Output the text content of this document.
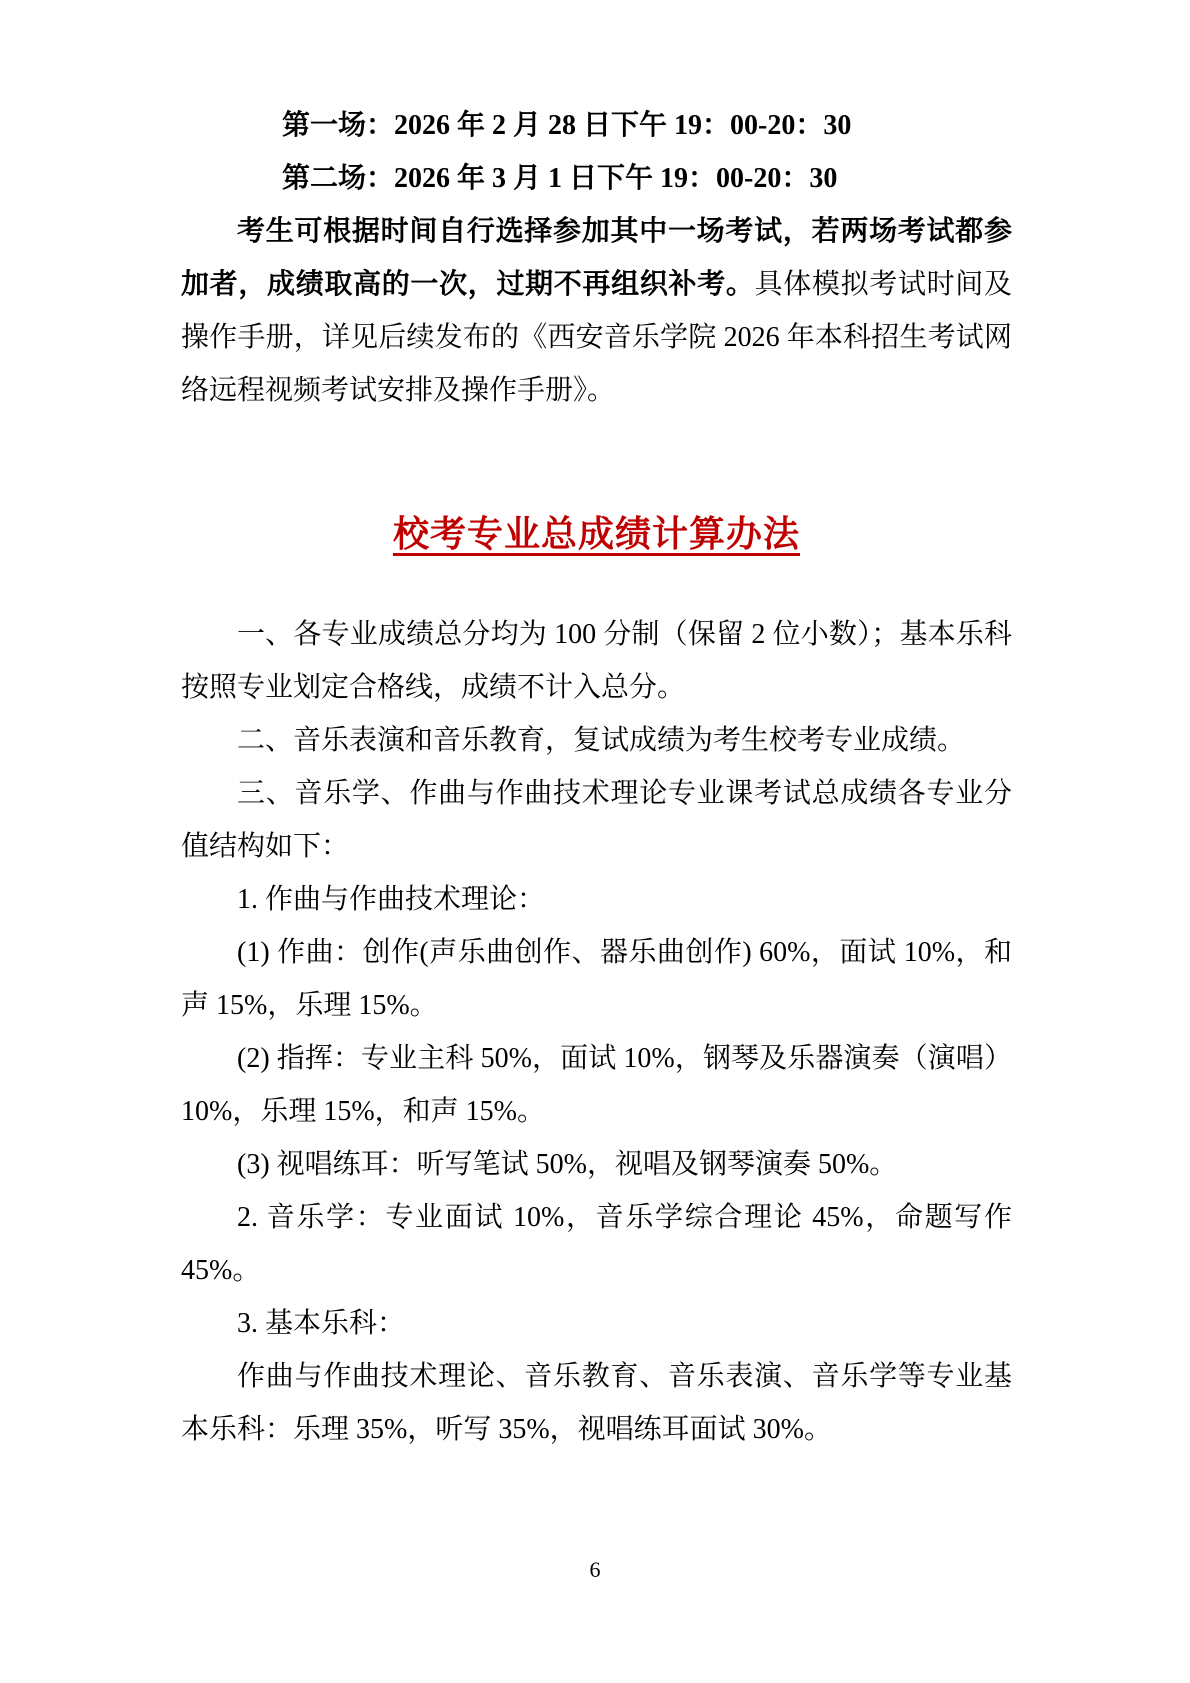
第一场：2026 年 2 月 28 日下午 19：00-20：30

第二场：2026 年 3 月 1 日下午 19：00-20：30

考生可根据时间自行选择参加其中一场考试，若两场考试都参加者，成绩取高的一次，过期不再组织补考。具体模拟考试时间及操作手册，详见后续发布的《西安音乐学院 2026 年本科招生考试网络远程视频考试安排及操作手册》。

校考专业总成绩计算办法

一、各专业成绩总分均为 100 分制（保留 2 位小数）；基本乐科按照专业划定合格线，成绩不计入总分。

二、音乐表演和音乐教育，复试成绩为考生校考专业成绩。

三、音乐学、作曲与作曲技术理论专业课考试总成绩各专业分值结构如下：

1. 作曲与作曲技术理论：

(1) 作曲：创作(声乐曲创作、器乐曲创作) 60%，面试 10%，和声 15%，乐理 15%。

(2) 指挥：专业主科 50%，面试 10%，钢琴及乐器演奏（演唱）10%，乐理 15%，和声 15%。

(3) 视唱练耳：听写笔试 50%，视唱及钢琴演奏 50%。

2. 音乐学：专业面试 10%，音乐学综合理论 45%，命题写作 45%。

3. 基本乐科：

作曲与作曲技术理论、音乐教育、音乐表演、音乐学等专业基本乐科：乐理 35%，听写 35%，视唱练耳面试 30%。

6
